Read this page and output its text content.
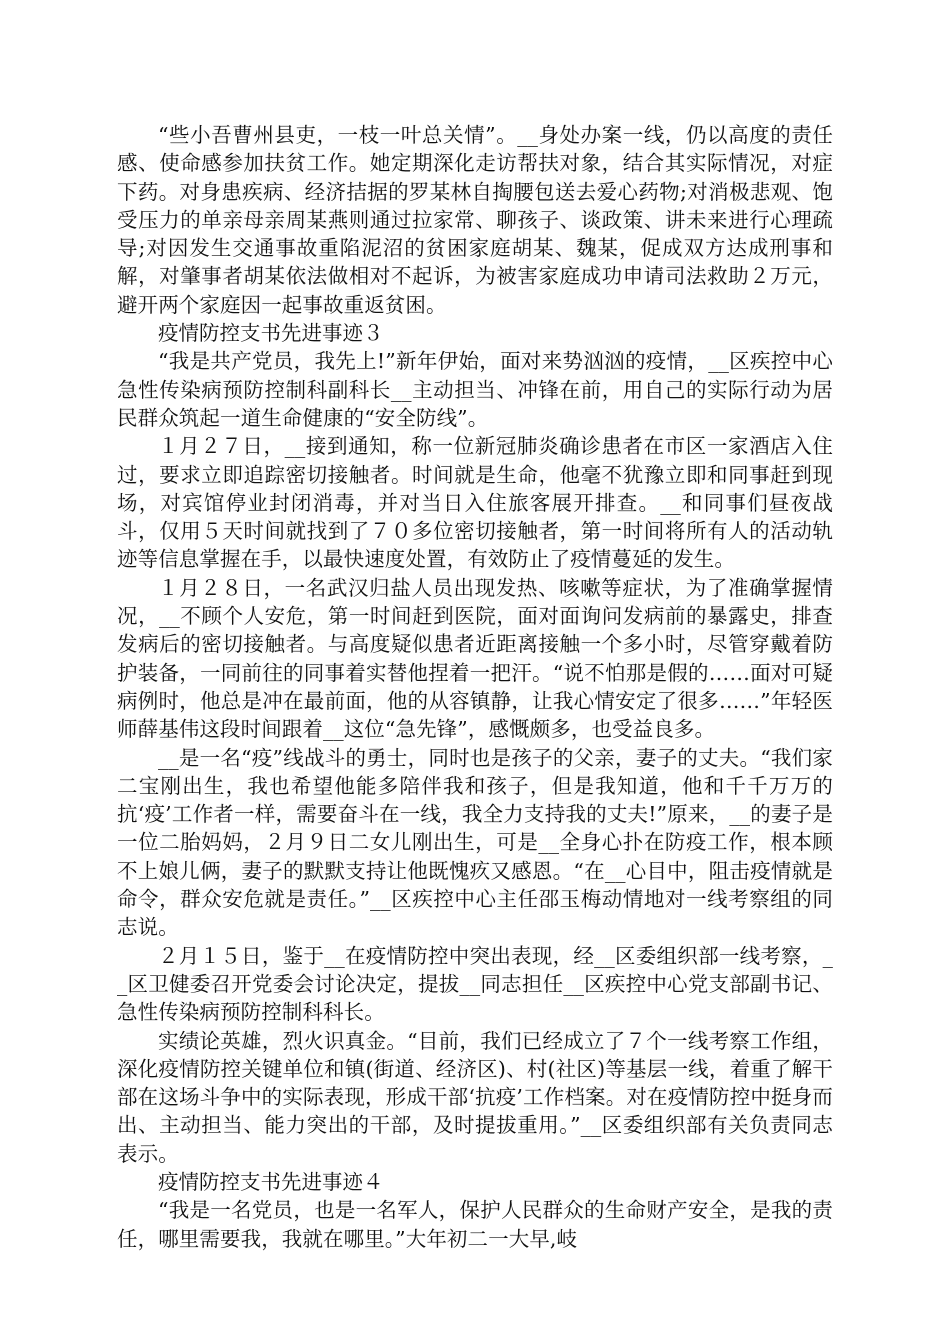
“些小吾曹州县吏，一枝一叶总关情”。__身处办案一线，仍以高度的责任感、使命感参加扶贫工作。她定期深化走访帮扶对象，结合其实际情况，对症下药。对身患疾病、经济拮据的罗某林自掏腰包送去爱心药物;对消极悲观、饱受压力的单亲母亲周某燕则通过拉家常、聊孩子、谈政策、讲未来进行心理疏导;对因发生交通事故重陷泥沼的贫困家庭胡某、魏某，促成双方达成刑事和解，对肇事者胡某依法做相对不起诉，为被害家庭成功申请司法救助２万元，避开两个家庭因一起事故重返贫困。

疫情防控支书先进事迹３

“我是共产党员，我先上!”新年伊始，面对来势汹汹的疫情，__区疾控中心急性传染病预防控制科副科长__主动担当、冲锋在前，用自己的实际行动为居民群众筑起一道生命健康的“安全防线”。

１月２７日，__接到通知，称一位新冠肺炎确诊患者在市区一家酒店入住过，要求立即追踪密切接触者。时间就是生命，他毫不犹豫立即和同事赶到现场，对宾馆停业封闭消毒，并对当日入住旅客展开排查。__和同事们昼夜战斗，仅用５天时间就找到了７０多位密切接触者，第一时间将所有人的活动轨迹等信息掌握在手，以最快速度处置，有效防止了疫情蔓延的发生。

１月２８日，一名武汉归盐人员出现发热、咳嗽等症状，为了准确掌握情况，__不顾个人安危，第一时间赶到医院，面对面询问发病前的暴露史，排查发病后的密切接触者。与高度疑似患者近距离接触一个多小时，尽管穿戴着防护装备，一同前往的同事着实替他捏着一把汗。“说不怕那是假的……面对可疑病例时，他总是冲在最前面，他的从容镇静，让我心情安定了很多……”年轻医师薛基伟这段时间跟着__这位“急先锋”，感慨颇多，也受益良多。

__是一名“疫”线战斗的勇士，同时也是孩子的父亲，妻子的丈夫。“我们家二宝刚出生，我也希望他能多陪伴我和孩子，但是我知道，他和千千万万的抗‘疫’工作者一样，需要奋斗在一线，我全力支持我的丈夫!”原来，__的妻子是一位二胎妈妈，２月９日二女儿刚出生，可是__全身心扑在防疫工作，根本顾不上娘儿俩，妻子的默默支持让他既愧疚又感恩。“在__心目中，阻击疫情就是命令，群众安危就是责任。”__区疾控中心主任邵玉梅动情地对一线考察组的同志说。

２月１５日，鉴于__在疫情防控中突出表现，经__区委组织部一线考察，__区卫健委召开党委会讨论决定，提拔__同志担任__区疾控中心党支部副书记、急性传染病预防控制科科长。

实绩论英雄，烈火识真金。“目前，我们已经成立了７个一线考察工作组，深化疫情防控关键单位和镇(街道、经济区)、村(社区)等基层一线，着重了解干部在这场斗争中的实际表现，形成干部‘抗疫’工作档案。对在疫情防控中挺身而出、主动担当、能力突出的干部，及时提拔重用。”__区委组织部有关负责同志表示。

疫情防控支书先进事迹４

“我是一名党员，也是一名军人，保护人民群众的生命财产安全，是我的责任，哪里需要我，我就在哪里。”大年初二一大早,岐
